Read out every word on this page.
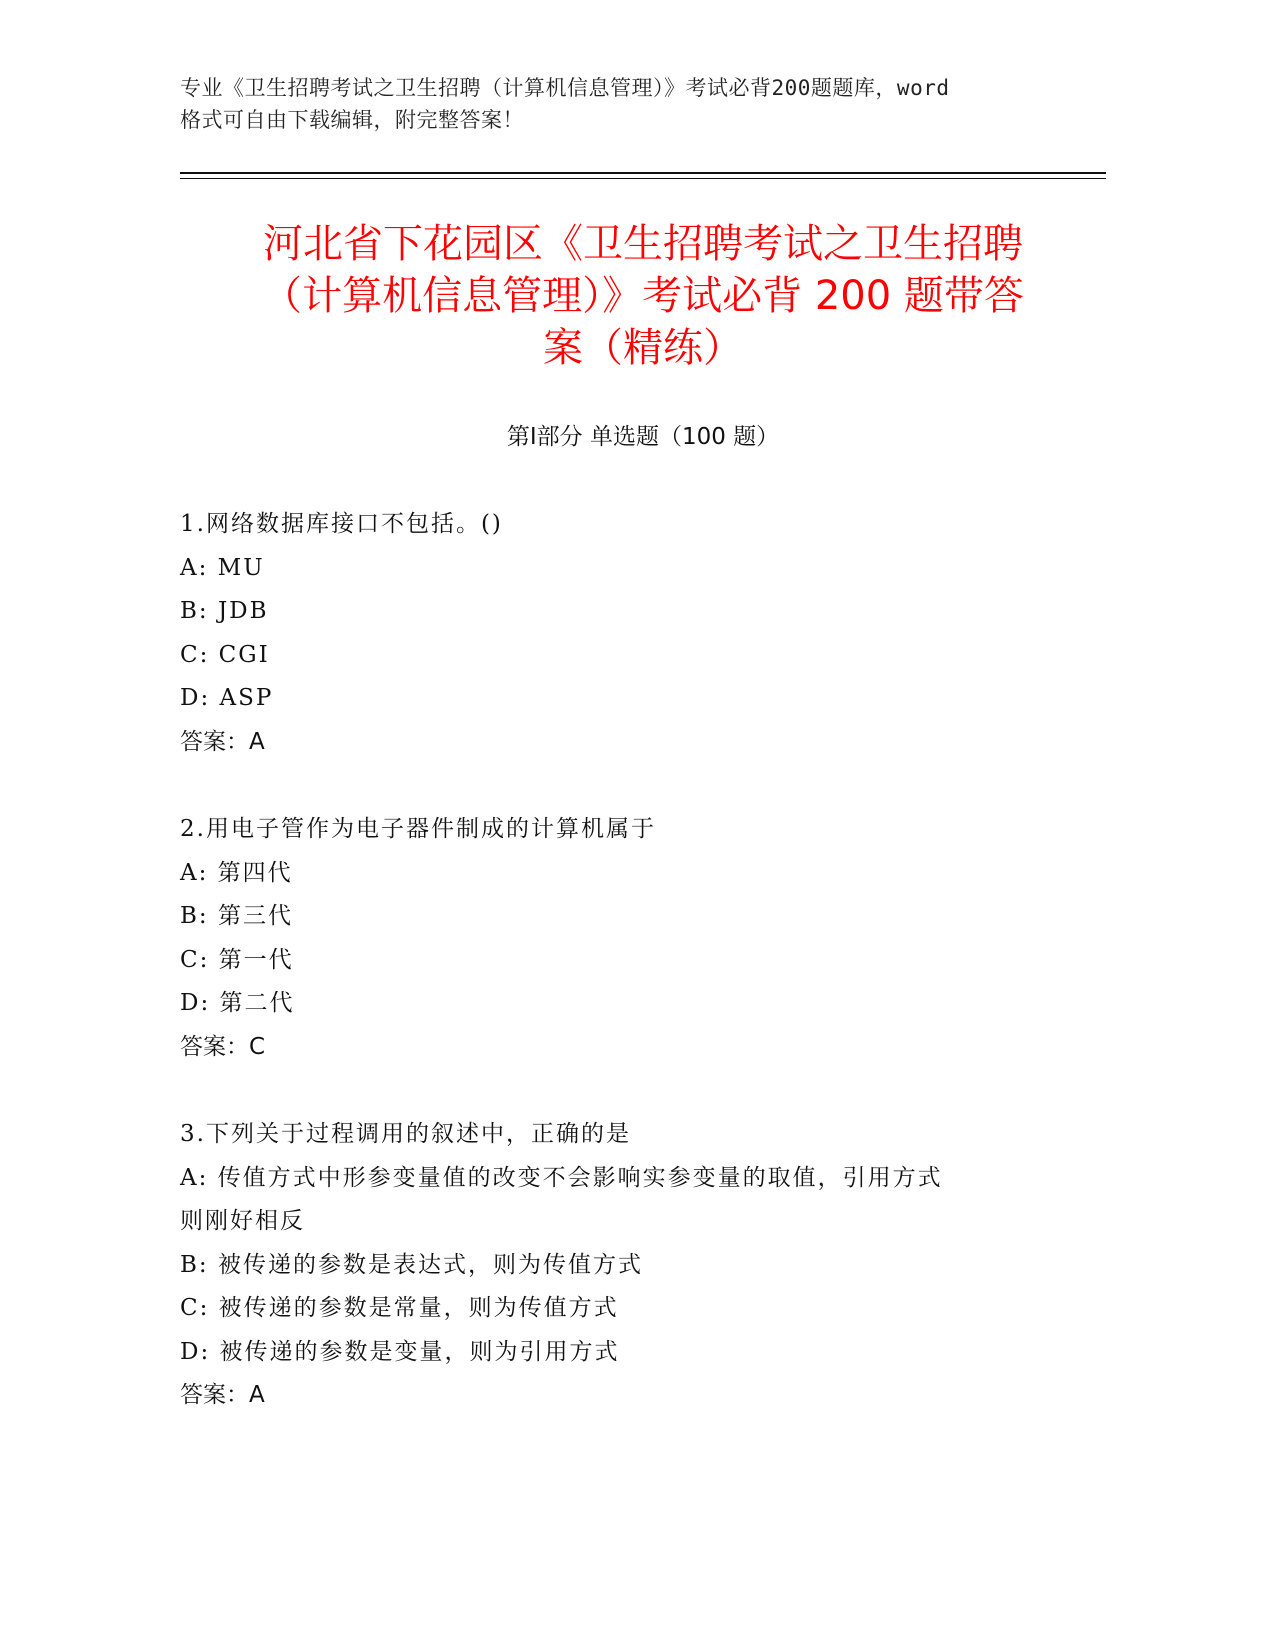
专业《卫生招聘考试之卫生招聘（计算机信息管理）》考试必背200题题库，word
格式可自由下载编辑，附完整答案！
河北省下花园区《卫生招聘考试之卫生招聘
（计算机信息管理）》考试必背 200 题带答
案（精练）
第Ⅰ部分 单选题（100 题）

1.网络数据库接口不包括。()

A: MU

B: JDB

C: CGI

D: ASP

答案：A

2.用电子管作为电子器件制成的计算机属于

A: 第四代

B: 第三代

C: 第一代

D: 第二代

答案：C

3.下列关于过程调用的叙述中，正确的是

A: 传值方式中形参变量值的改变不会影响实参变量的取值，引用方式

则刚好相反

B: 被传递的参数是表达式，则为传值方式

C: 被传递的参数是常量，则为传值方式

D: 被传递的参数是变量，则为引用方式

答案：A
